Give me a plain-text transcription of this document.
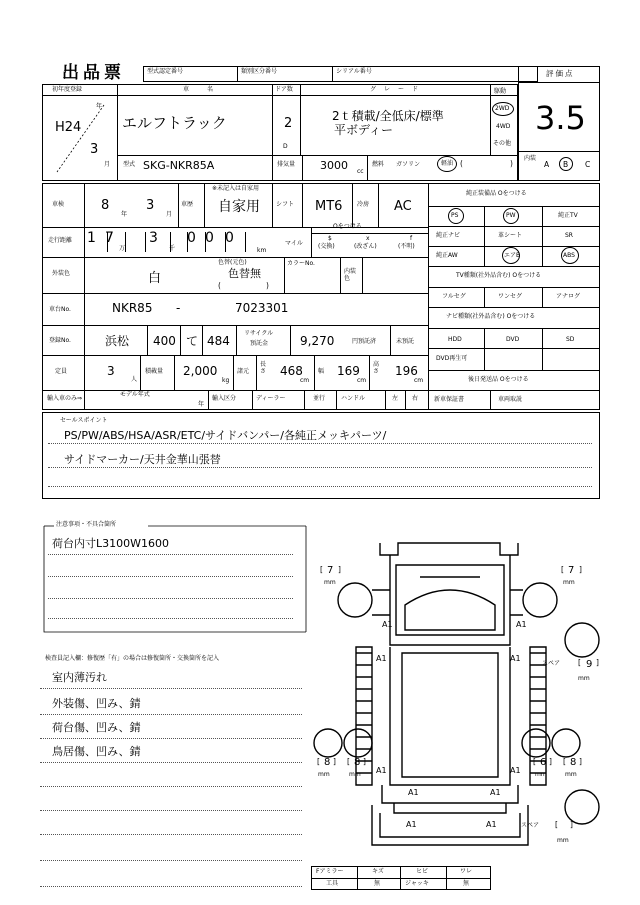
出品票	型式認定番号	類別区分番号	シリアル番号	評価点
3.5
内装
A B C
初年度登録
年
H24
3
月
車名
エルフトラック
ドア数
2
D
グレード
2ｔ積載/全低床/標準
平ボディー
駆動
2WD
4WD
その他
型式 SKG-NKR85A	排気量 3000 cc
燃料 ガソリン	軽油 (	)
車検	8
年
3
月
車歴
※未記入は自家用
自家用	シフト MT6 冷房 AC
走行距離 1 7
万
3
千
0 0 0
km
マイル
Oをつける
$
(交換)
x
(改ざん)
f
(不明)
外装色
色替(元色)
色替無
(	)
白
カラーNo.
内装色
純正装備品 Oをつける
PS	PW	純正TV
純正ナビ	革シート	SR
純正AW	エアB	ABS
TV種類(社外品含む) Oをつける
フルセグ	ワンセグ	アナログ
ナビ種類(社外品含む) Oをつける
HDD	DVD	SD
DVD再生可
後日発送品 Oをつける
新車保証書	車両取説
車台No.	NKR85 -	7023301
登録No.	浜松 400 て 484
リサイクル
預託金	9,270	円預託済	未預託
定員	3
人
積載量 2,000
kg
諸元
長さ 468
cm
幅 169
cm
高さ 196
cm
輸入車のみ⇒
モデル年式
年
輸入区分	ディーラー	並行	ハンドル	左 右
セールスポイント
PS/PW/ABS/HSA/ASR/ETC/サイドバンパー/各純正メッキパーツ/
サイドマーカー/天井金華山張替
注意事項・不具合箇所
荷台内寸L3100W1600
検査員記入欄：修復歴「有」の場合は修復箇所・交換箇所を記入
室内薄汚れ
外装傷、凹み、錆
荷台傷、凹み、錆
鳥居傷、凹み、錆
A1	A1
A1	A1
A1	A1
A1	A1
A1	A1
[ 7 ]
mm
[ 7 ]
mm
スペア [ 9 ]
mm
[ 8 ]
mm
[ 8 ]
mm
[ 6 ]
mm
[ 8 ]
mm
スペア [ ]
mm
Fアミラー	キズ	ヒビ	ワレ
工具	無	ジャッキ	無
